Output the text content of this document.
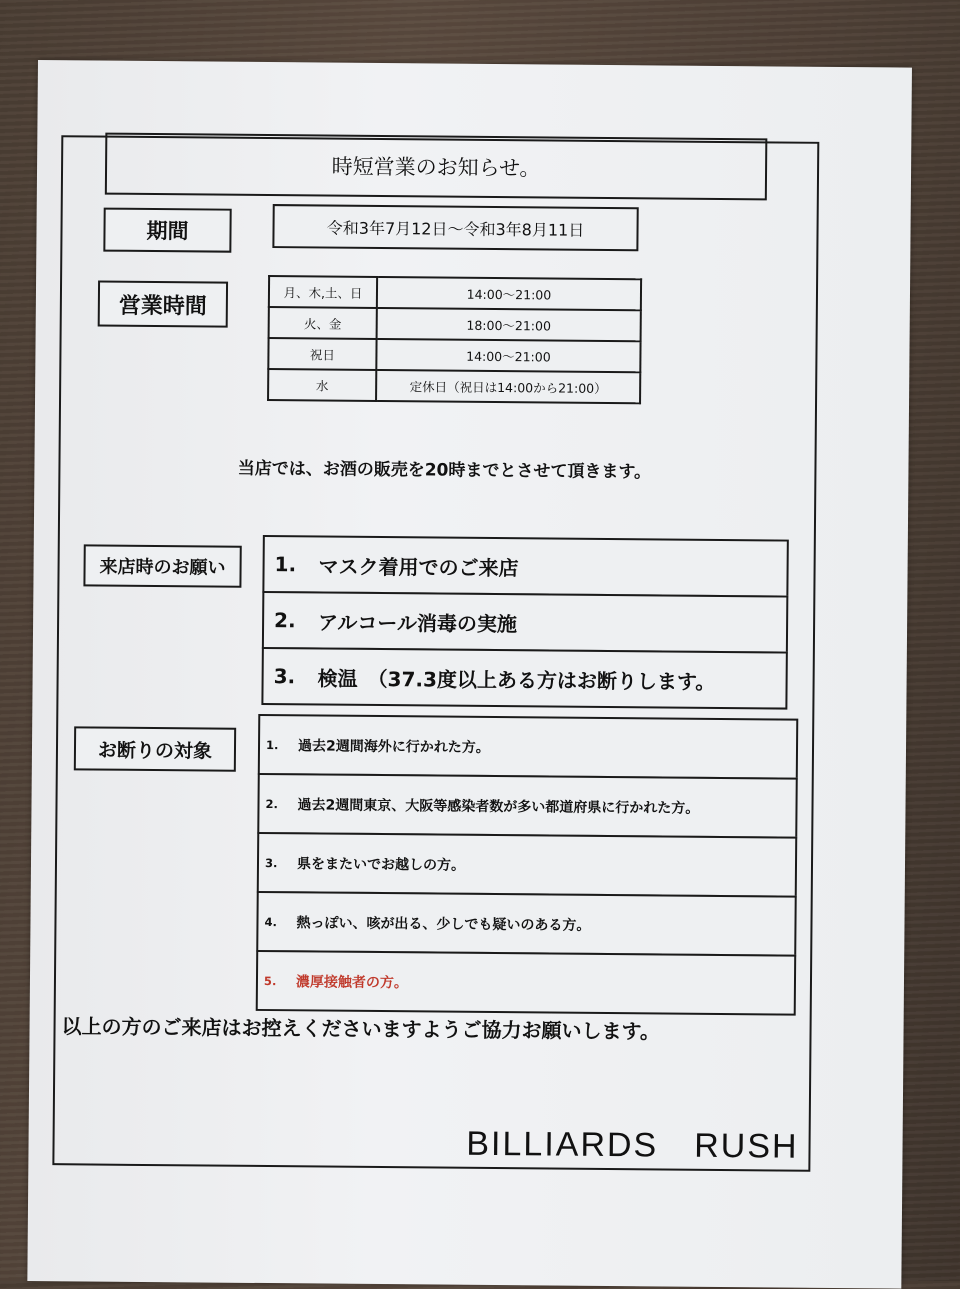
時短営業のお知らせ。
期間	令和3年7月12日～令和3年8月11日
営業時間
月、木,土、日	14:00～21:00
火、金	18:00～21:00
祝日	14:00～21:00
水	定休日（祝日は14:00から21:00）
当店では、お酒の販売を20時までとさせて頂きます。
来店時のお願い	1.	マスク着用でのご来店
2.	アルコール消毒の実施
3.	検温　（37.3度以上ある方はお断りします。
お断りの対象	1.	過去2週間海外に行かれた方。
2.	過去2週間東京、大阪等感染者数が多い都道府県に行かれた方。
3.	県をまたいでお越しの方。
4.	熱っぽい、咳が出る、少しでも疑いのある方。
5.	濃厚接触者の方。
以上の方のご来店はお控えくださいますようご協力お願いします。
BILLIARDS　RUSH
